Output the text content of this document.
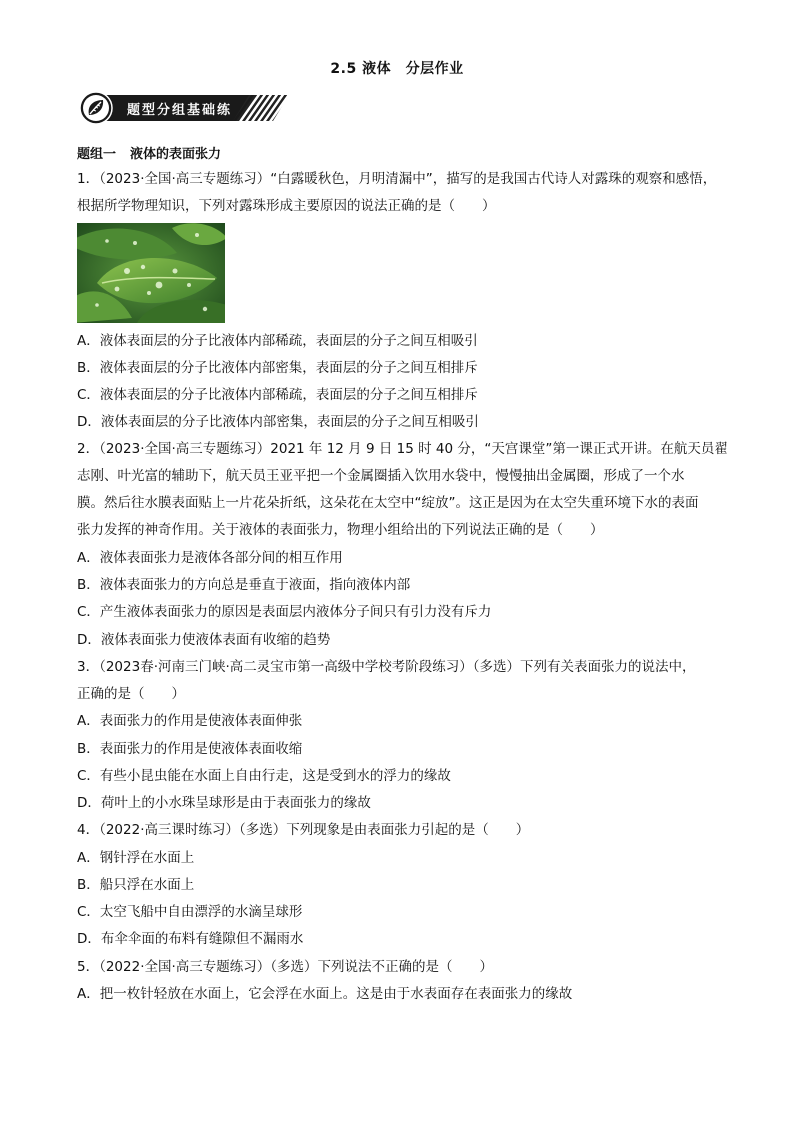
2.5 液体　分层作业
题型分组基础练
题组一 液体的表面张力
1．（2023·全国·高三专题练习）“白露暖秋色，月明清漏中”，描写的是我国古代诗人对露珠的观察和感悟，
根据所学物理知识，下列对露珠形成主要原因的说法正确的是（　　）
A．液体表面层的分子比液体内部稀疏，表面层的分子之间互相吸引
B．液体表面层的分子比液体内部密集，表面层的分子之间互相排斥
C．液体表面层的分子比液体内部稀疏，表面层的分子之间互相排斥
D．液体表面层的分子比液体内部密集，表面层的分子之间互相吸引
2．（2023·全国·高三专题练习）2021 年 12 月 9 日 15 时 40 分，“天宫课堂”第一课正式开讲。在航天员翟
志刚、叶光富的辅助下，航天员王亚平把一个金属圈插入饮用水袋中，慢慢抽出金属圈，形成了一个水
膜。然后往水膜表面贴上一片花朵折纸，这朵花在太空中“绽放”。这正是因为在太空失重环境下水的表面
张力发挥的神奇作用。关于液体的表面张力，物理小组给出的下列说法正确的是（　　）
A．液体表面张力是液体各部分间的相互作用
B．液体表面张力的方向总是垂直于液面，指向液体内部
C．产生液体表面张力的原因是表面层内液体分子间只有引力没有斥力
D．液体表面张力使液体表面有收缩的趋势
3．（2023春·河南三门峡·高二灵宝市第一高级中学校考阶段练习）（多选）下列有关表面张力的说法中，
正确的是（　　）
A．表面张力的作用是使液体表面伸张
B．表面张力的作用是使液体表面收缩
C．有些小昆虫能在水面上自由行走，这是受到水的浮力的缘故
D．荷叶上的小水珠呈球形是由于表面张力的缘故
4．（2022·高三课时练习）（多选）下列现象是由表面张力引起的是（　　）
A．钢针浮在水面上
B．船只浮在水面上
C．太空飞船中自由漂浮的水滴呈球形
D．布伞伞面的布料有缝隙但不漏雨水
5．（2022·全国·高三专题练习）（多选）下列说法不正确的是（　　）
A．把一枚针轻放在水面上，它会浮在水面上。这是由于水表面存在表面张力的缘故
